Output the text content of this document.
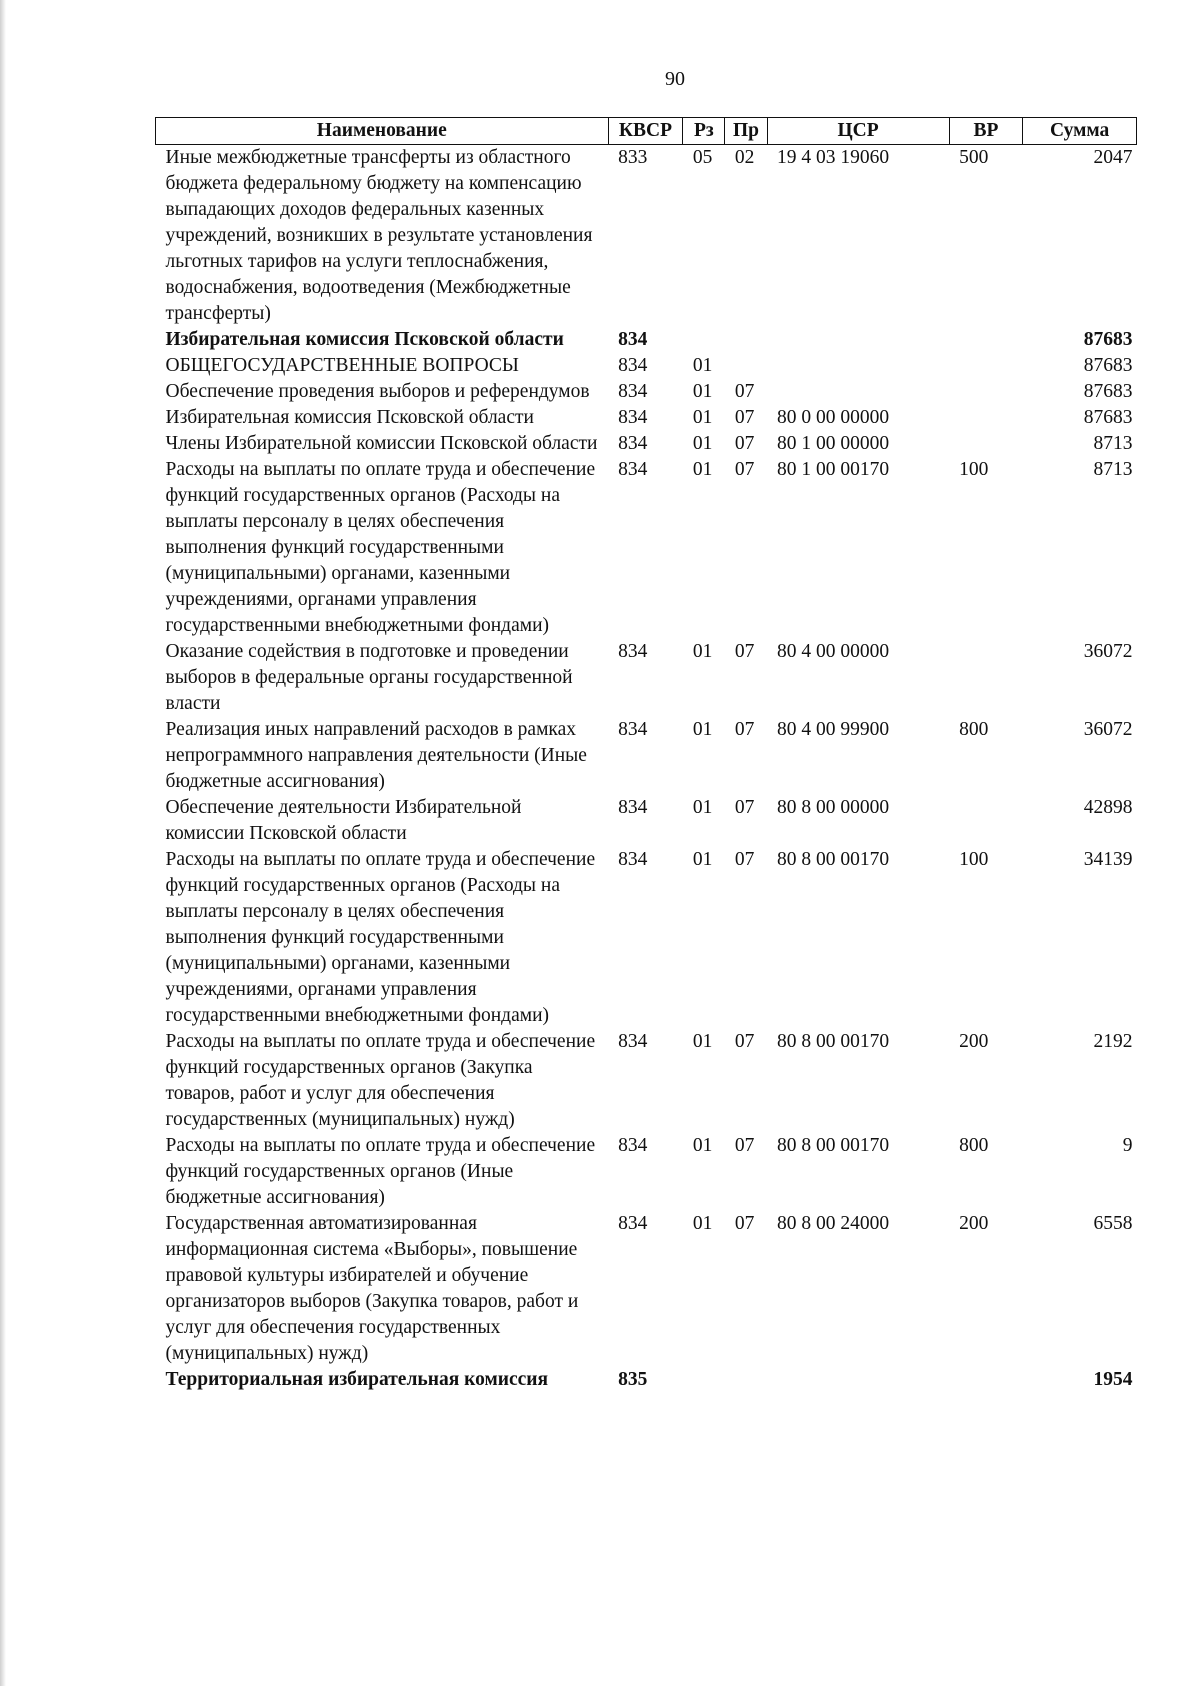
90
Наименование	КВСР	Рз	Пр	ЦСР	ВР	Сумма
Иные межбюджетные трансферты из областного бюджета федеральному бюджету на компенсацию выпадающих доходов федеральных казенных учреждений, возникших в результате установления льготных тарифов на услуги теплоснабжения, водоснабжения, водоотведения (Межбюджетные трансферты)	833	05	02	19 4 03 19060	500	2047
Избирательная комиссия Псковской области	834					87683
ОБЩЕГОСУДАРСТВЕННЫЕ ВОПРОСЫ	834	01				87683
Обеспечение проведения выборов и референдумов	834	01	07			87683
Избирательная комиссия Псковской области	834	01	07	80 0 00 00000		87683
Члены Избирательной комиссии Псковской области	834	01	07	80 1 00 00000		8713
Расходы на выплаты по оплате труда и обеспечение функций государственных органов (Расходы на выплаты персоналу в целях обеспечения выполнения функций государственными (муниципальными) органами, казенными учреждениями, органами управления государственными внебюджетными фондами)	834	01	07	80 1 00 00170	100	8713
Оказание содействия в подготовке и проведении выборов в федеральные органы государственной власти	834	01	07	80 4 00 00000		36072
Реализация иных направлений расходов в рамках непрограммного направления деятельности (Иные бюджетные ассигнования)	834	01	07	80 4 00 99900	800	36072
Обеспечение деятельности Избирательной комиссии Псковской области	834	01	07	80 8 00 00000		42898
Расходы на выплаты по оплате труда и обеспечение функций государственных органов (Расходы на выплаты персоналу в целях обеспечения выполнения функций государственными (муниципальными) органами, казенными учреждениями, органами управления государственными внебюджетными фондами)	834	01	07	80 8 00 00170	100	34139
Расходы на выплаты по оплате труда и обеспечение функций государственных органов (Закупка товаров, работ и услуг для обеспечения государственных (муниципальных) нужд)	834	01	07	80 8 00 00170	200	2192
Расходы на выплаты по оплате труда и обеспечение функций государственных органов (Иные бюджетные ассигнования)	834	01	07	80 8 00 00170	800	9
Государственная автоматизированная информационная система «Выборы», повышение правовой культуры избирателей и обучение организаторов выборов (Закупка товаров, работ и услуг для обеспечения государственных (муниципальных) нужд)	834	01	07	80 8 00 24000	200	6558
Территориальная избирательная комиссия	835					1954
